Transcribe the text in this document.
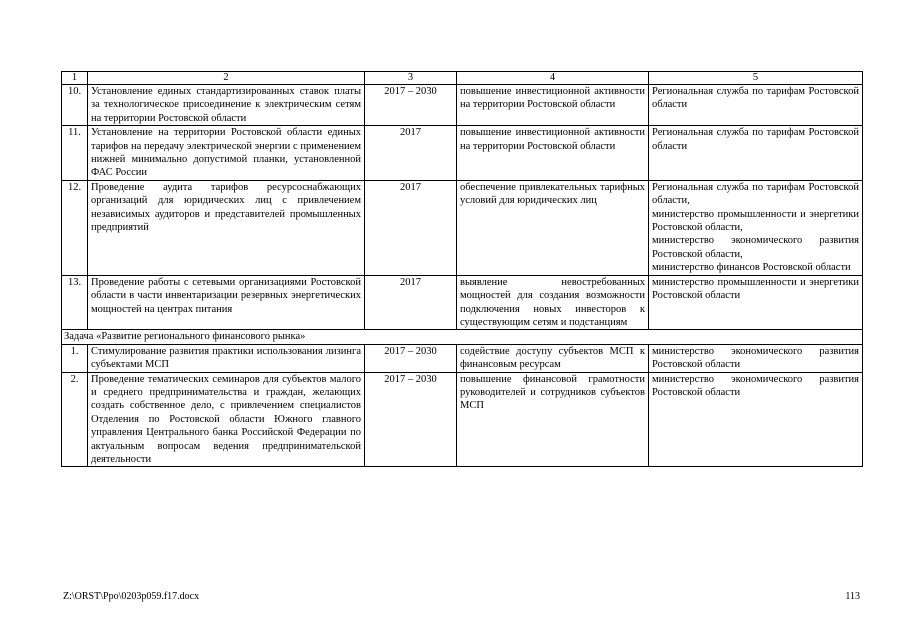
1	2	3	4	5
10.	Установление единых стандартизированных ставок платы за технологическое присоединение к электрическим сетям на территории Ростовской области	2017 – 2030	повышение инвестиционной активности на территории Ростовской области	Региональная служба по тарифам Ростовской области

11.	Установление на территории Ростовской области единых тарифов на передачу электрической энергии с применением нижней минимально допустимой планки, установленной ФАС России	2017	повышение инвестиционной активности на территории Ростовской области	Региональная служба по тарифам Ростовской области

12.	Проведение аудита тарифов ресурсоснабжающих организаций для юридических лиц с привлечением независимых аудиторов и представителей промышленных предприятий	2017	обеспечение привлекательных тарифных условий для юридических лиц	Региональная служба по тарифам Ростовской области,
министерство промышленности и энергетики Ростовской области,
министерство экономического развития Ростовской области,
министерство финансов Ростовской области

13.	Проведение работы с сетевыми организациями Ростовской области в части инвентаризации резервных энергетических мощностей на центрах питания	2017	выявление невостребованных мощностей для создания возможности подключения новых инвесторов к существующим сетям и подстанциям	министерство промышленности и энергетики Ростовской области

Задача «Развитие регионального финансового рынка»				
1.	Стимулирование развития практики использования лизинга субъектами МСП	2017 – 2030	содействие доступу субъектов МСП к финансовым ресурсам	министерство экономического развития Ростовской области

2.	Проведение тематических семинаров для субъектов малого и среднего предпринимательства и граждан, желающих создать собственное дело, с привлечением специалистов Отделения по Ростовской области Южного главного управления Центрального банка Российской Федерации по актуальным вопросам ведения предпринимательской деятельности	2017 – 2030	повышение финансовой грамотности руководителей и сотрудников субъектов МСП	министерство экономического развития Ростовской области
Z:\ORST\Ppo\0203p059.f17.docx	113
